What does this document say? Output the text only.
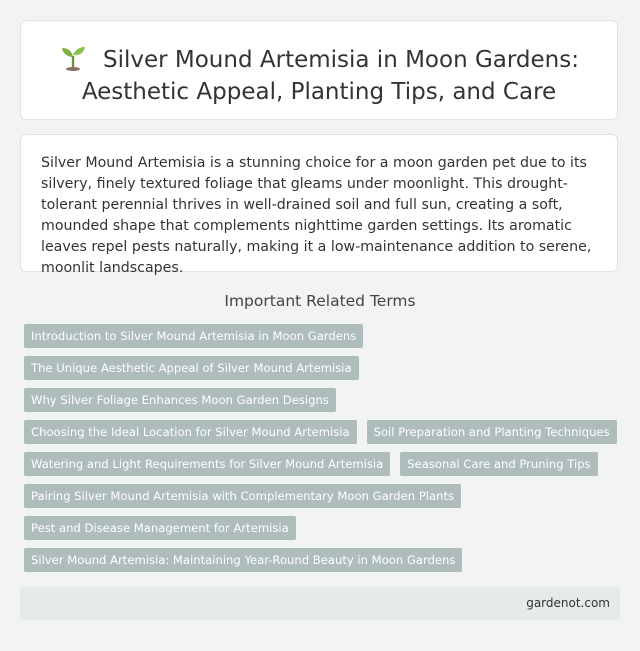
Silver Mound Artemisia in Moon Gardens:
Aesthetic Appeal, Planting Tips, and Care

Silver Mound Artemisia is a stunning choice for a moon garden pet due to its silvery, finely textured foliage that gleams under moonlight. This drought-tolerant perennial thrives in well-drained soil and full sun, creating a soft, mounded shape that complements nighttime garden settings. Its aromatic leaves repel pests naturally, making it a low-maintenance addition to serene, moonlit landscapes.

Important Related Terms
Introduction to Silver Mound Artemisia in Moon Gardens
The Unique Aesthetic Appeal of Silver Mound Artemisia
Why Silver Foliage Enhances Moon Garden Designs
Choosing the Ideal Location for Silver Mound Artemisia	Soil Preparation and Planting Techniques
Watering and Light Requirements for Silver Mound Artemisia	Seasonal Care and Pruning Tips
Pairing Silver Mound Artemisia with Complementary Moon Garden Plants
Pest and Disease Management for Artemisia
Silver Mound Artemisia: Maintaining Year-Round Beauty in Moon Gardens
gardenot.com
